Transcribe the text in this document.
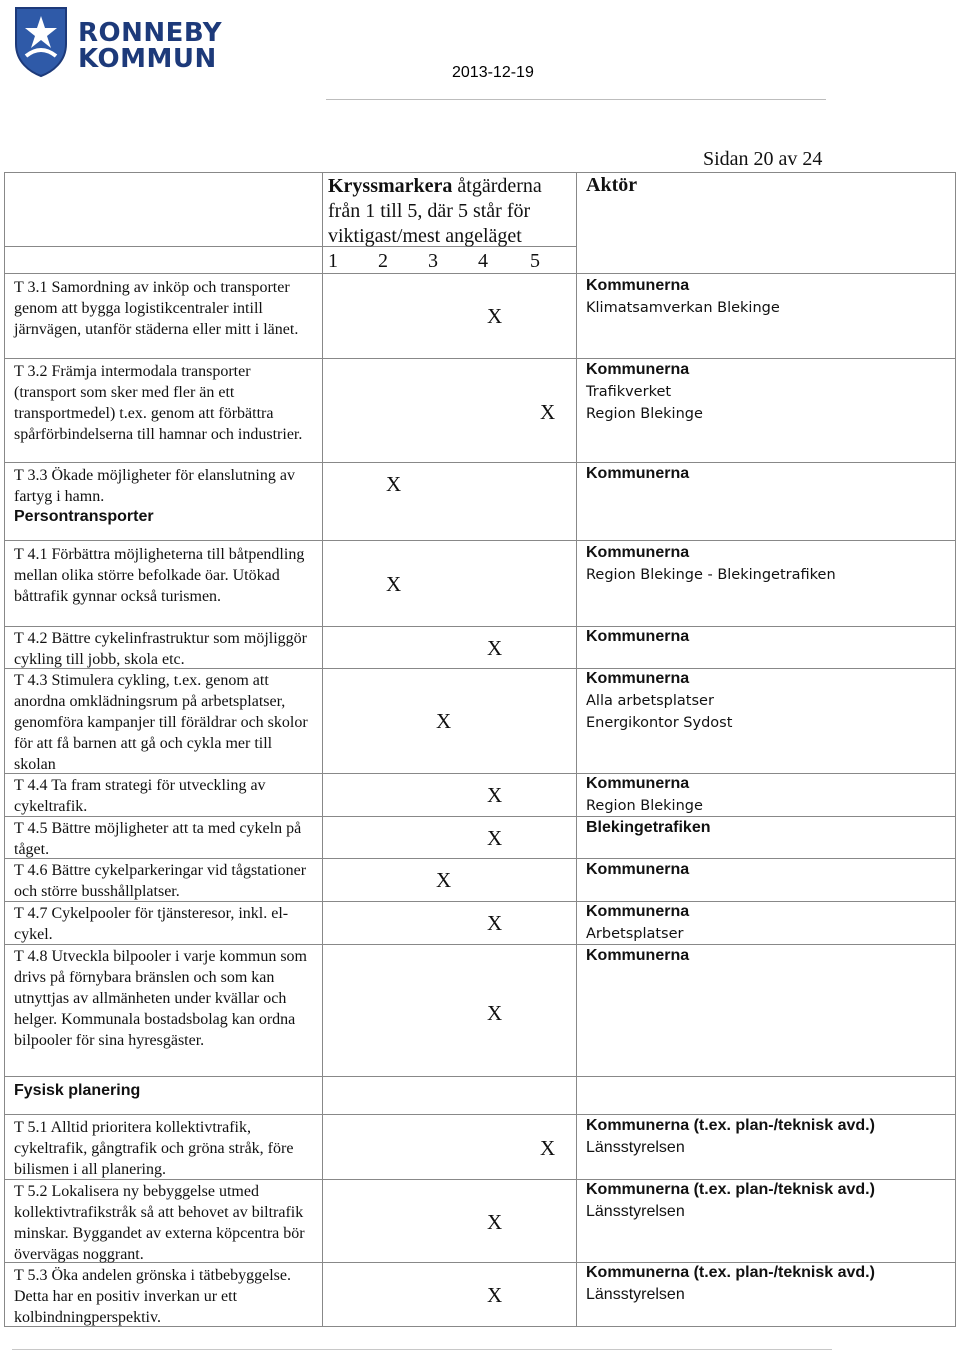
RONNEBY
KOMMUN	2013-12-19
Sidan 20 av 24
Kryssmarkera åtgärderna från 1 till 5, där 5 står för viktigast/mest angeläget
Aktör
1 2 3 4 5
T 3.1 Samordning av inköp och transporter genom att bygga logistikcentraler intill järnvägen, utanför städerna eller mitt i länet.
T 3.2 Främja intermodala transporter (transport som sker med fler än ett transportmedel) t.ex. genom att förbättra spårförbindelserna till hamnar och industrier.
T 3.3 Ökade möjligheter för elanslutning av fartyg i hamn.
Persontransporter
T 4.1 Förbättra möjligheterna till båtpendling mellan olika större befolkade öar. Utökad båttrafik gynnar också turismen.
T 4.2 Bättre cykelinfrastruktur som möjliggör cykling till jobb, skola etc.
T 4.3 Stimulera cykling, t.ex. genom att anordna omklädningsrum på arbetsplatser, genomföra kampanjer till föräldrar och skolor för att få barnen att gå och cykla mer till skolan
T 4.4 Ta fram strategi för utveckling av cykeltrafik.
T 4.5 Bättre möjligheter att ta med cykeln på tåget.
T 4.6 Bättre cykelparkeringar vid tågstationer och större busshållplatser.
T 4.7 Cykelpooler för tjänsteresor, inkl. el-cykel.
T 4.8 Utveckla bilpooler i varje kommun som drivs på förnybara bränslen och som kan utnyttjas av allmänheten under kvällar och helger. Kommunala bostadsbolag kan ordna bilpooler för sina hyresgäster.
Fysisk planering
T 5.1 Alltid prioritera kollektivtrafik, cykeltrafik, gångtrafik och gröna stråk, före bilismen i all planering.
T 5.2 Lokalisera ny bebyggelse utmed kollektivtrafikstråk så att behovet av biltrafik minskar. Byggandet av externa köpcentra bör övervägas noggrant.
T 5.3 Öka andelen grönska i tätbebyggelse. Detta har en positiv inverkan ur ett kolbindningperspektiv.
X
X
X
X
X
X
X
X
X
X
X
X
X
X
Kommunerna
Klimatsamverkan Blekinge
Kommunerna
Trafikverket
Region Blekinge
Kommunerna
Kommunerna
Region Blekinge - Blekingetrafiken
Kommunerna
Kommunerna
Alla arbetsplatser
Energikontor Sydost
Kommunerna
Region Blekinge
Blekingetrafiken
Kommunerna
Kommunerna
Arbetsplatser
Kommunerna
Kommunerna (t.ex. plan-/teknisk avd.)
Länsstyrelsen
Kommunerna (t.ex. plan-/teknisk avd.)
Länsstyrelsen
Kommunerna (t.ex. plan-/teknisk avd.)
Länsstyrelsen
